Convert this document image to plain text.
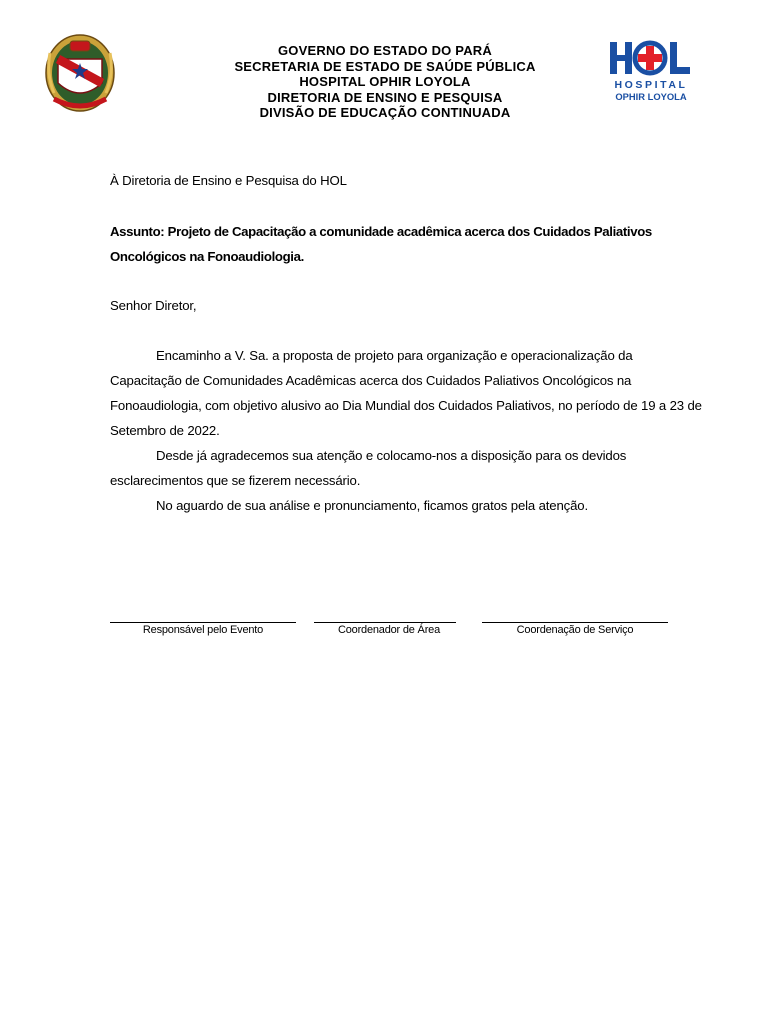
GOVERNO DO ESTADO DO PARÁ
SECRETARIA DE ESTADO DE SAÚDE PÚBLICA
HOSPITAL OPHIR LOYOLA
DIRETORIA DE ENSINO E PESQUISA
DIVISÃO DE EDUCAÇÃO CONTINUADA
HOSPITAL
OPHIR LOYOLA
À Diretoria de Ensino e Pesquisa do HOL
Assunto: Projeto de Capacitação a comunidade acadêmica acerca dos Cuidados Paliativos
Oncológicos na Fonoaudiologia.
Senhor Diretor,
Encaminho a V. Sa. a proposta de projeto para organização e operacionalização da
Capacitação de Comunidades Acadêmicas acerca dos Cuidados Paliativos Oncológicos na
Fonoaudiologia, com objetivo alusivo ao Dia Mundial dos Cuidados Paliativos, no período de 19 a 23 de
Setembro de 2022.
Desde já agradecemos sua atenção e colocamo-nos a disposição para os devidos
esclarecimentos que se fizerem necessário.
No aguardo de sua análise e pronunciamento, ficamos gratos pela atenção.
Responsável pelo Evento	Coordenador de Área	Coordenação de Serviço
